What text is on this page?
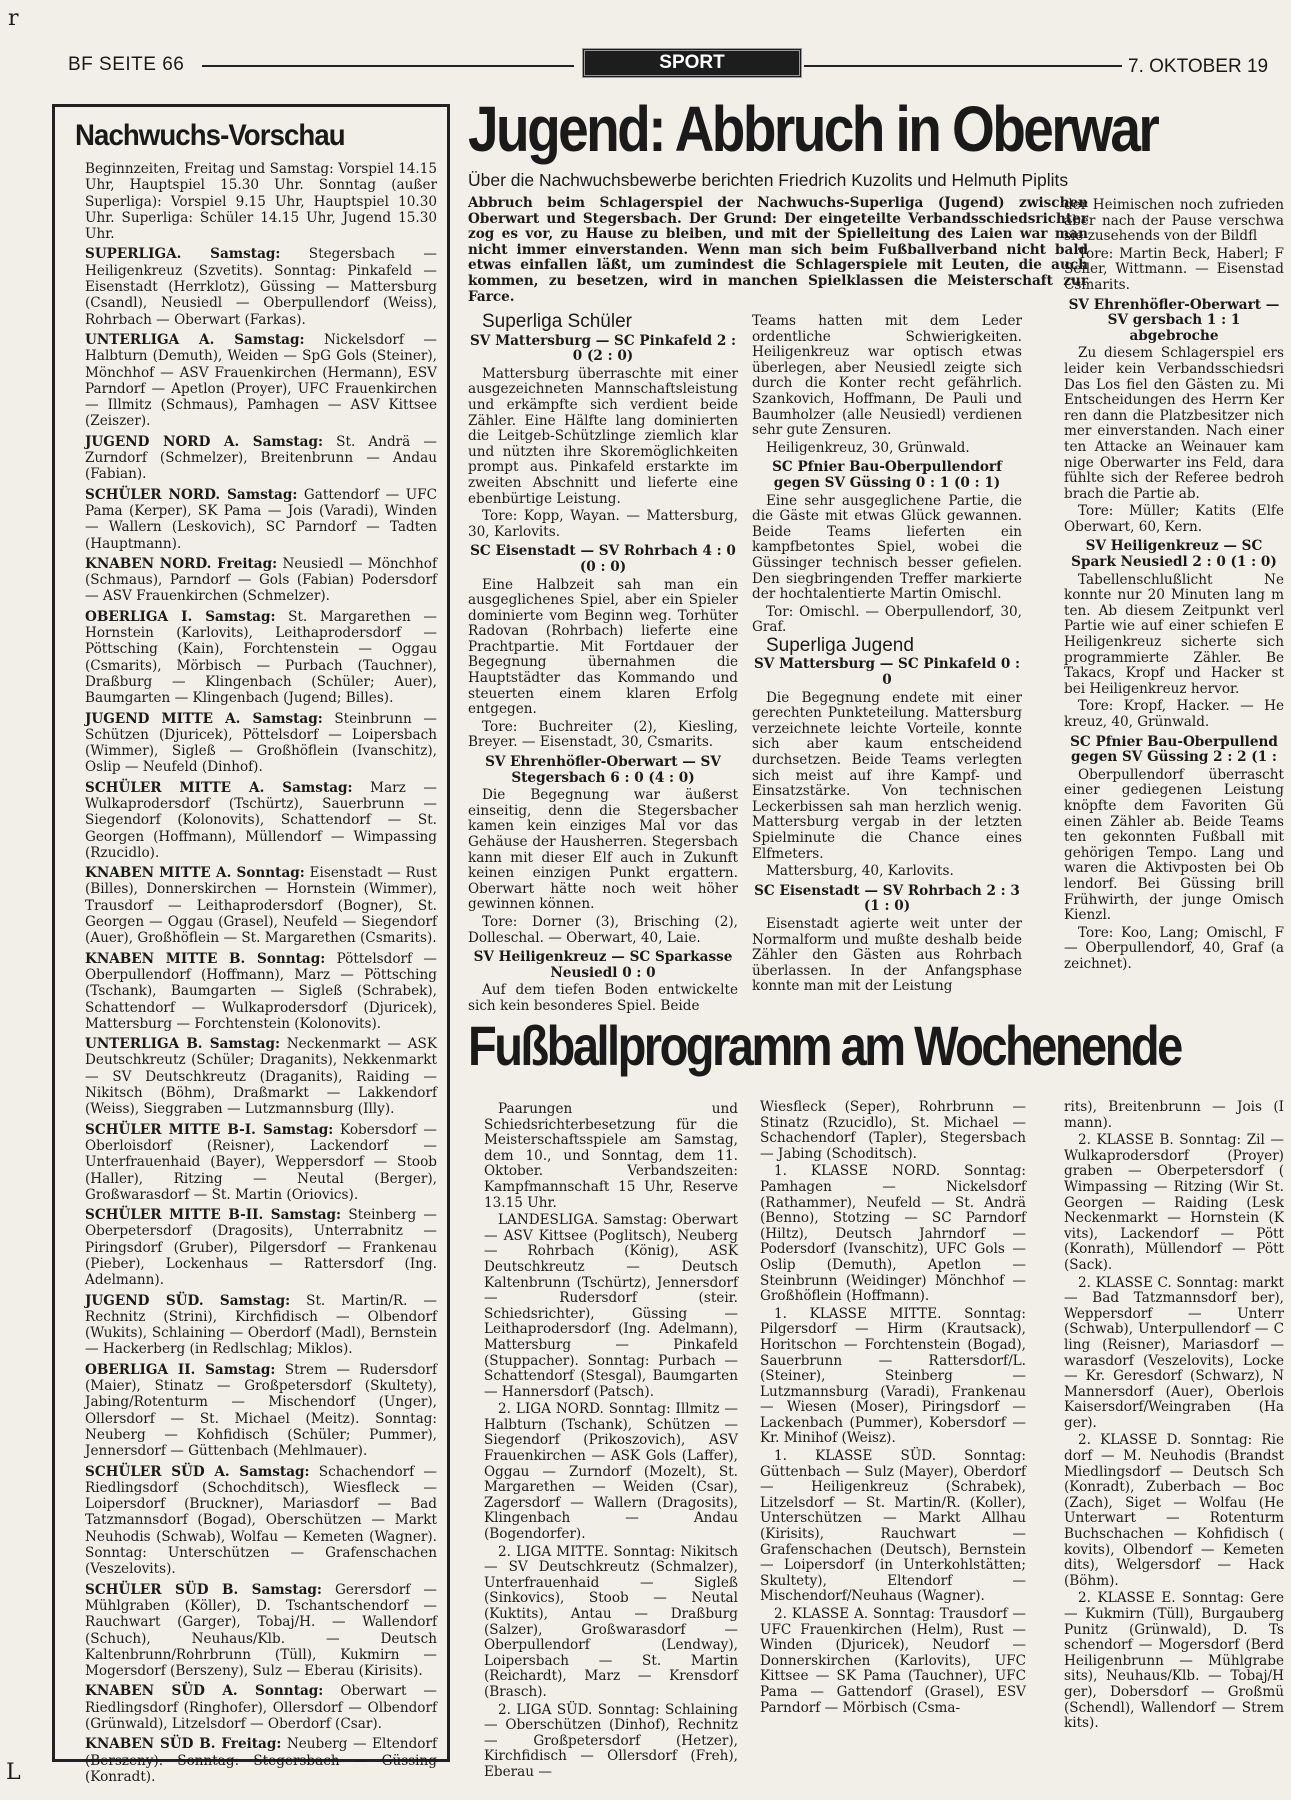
r
L
BF SEITE 66	SPORT	7. OKTOBER 19
Nachwuchs-Vorschau

Beginnzeiten, Freitag und Samstag: Vorspiel 14.15 Uhr, Hauptspiel 15.30 Uhr. Sonntag (außer Superliga): Vorspiel 9.15 Uhr, Hauptspiel 10.30 Uhr. Superliga: Schüler 14.15 Uhr, Jugend 15.30 Uhr.

SUPERLIGA. Samstag: Stegersbach — Heiligenkreuz (Szvetits). Sonntag: Pinkafeld — Eisenstadt (Herrklotz), Güssing — Mattersburg (Csandl), Neusiedl — Oberpullendorf (Weiss), Rohrbach — Oberwart (Farkas).

UNTERLIGA A. Samstag: Nickelsdorf — Halbturn (Demuth), Weiden — SpG Gols (Steiner), Mönchhof — ASV Frauenkirchen (Hermann), ESV Parndorf — Apetlon (Proyer), UFC Frauenkirchen — Illmitz (Schmaus), Pamhagen — ASV Kittsee (Zeiszer).

JUGEND NORD A. Samstag: St. Andrä — Zurndorf (Schmelzer), Breitenbrunn — Andau (Fabian).

SCHÜLER NORD. Samstag: Gattendorf — UFC Pama (Kerper), SK Pama — Jois (Varadi), Winden — Wallern (Leskovich), SC Parndorf — Tadten (Hauptmann).

KNABEN NORD. Freitag: Neusiedl — Mönchhof (Schmaus), Parndorf — Gols (Fabian) Podersdorf — ASV Frauenkirchen (Schmelzer).

OBERLIGA I. Samstag: St. Margarethen — Hornstein (Karlovits), Leithaprodersdorf — Pöttsching (Kain), Forchtenstein — Oggau (Csmarits), Mörbisch — Purbach (Tauchner), Draßburg — Klingenbach (Schüler; Auer), Baumgarten — Klingenbach (Jugend; Billes).

JUGEND MITTE A. Samstag: Steinbrunn — Schützen (Djuricek), Pöttelsdorf — Loipersbach (Wimmer), Sigleß — Großhöflein (Ivanschitz), Oslip — Neufeld (Dinhof).

SCHÜLER MITTE A. Samstag: Marz — Wulkaprodersdorf (Tschürtz), Sauerbrunn — Siegendorf (Kolonovits), Schattendorf — St. Georgen (Hoffmann), Müllendorf — Wimpassing (Rzucidlo).

KNABEN MITTE A. Sonntag: Eisenstadt — Rust (Billes), Donnerskirchen — Hornstein (Wimmer), Trausdorf — Leithaprodersdorf (Bogner), St. Georgen — Oggau (Grasel), Neufeld — Siegendorf (Auer), Großhöflein — St. Margarethen (Csmarits).

KNABEN MITTE B. Sonntag: Pöttelsdorf — Oberpullendorf (Hoffmann), Marz — Pöttsching (Tschank), Baumgarten — Sigleß (Schrabek), Schattendorf — Wulkaprodersdorf (Djuricek), Mattersburg — Forchtenstein (Kolonovits).

UNTERLIGA B. Samstag: Neckenmarkt — ASK Deutschkreutz (Schüler; Draganits), Nekkenmarkt — SV Deutschkreutz (Draganits), Raiding — Nikitsch (Böhm), Draßmarkt — Lakkendorf (Weiss), Sieggraben — Lutzmannsburg (Illy).

SCHÜLER MITTE B-I. Samstag: Kobersdorf — Oberloisdorf (Reisner), Lackendorf — Unterfrauenhaid (Bayer), Weppersdorf — Stoob (Haller), Ritzing — Neutal (Berger), Großwarasdorf — St. Martin (Oriovics).

SCHÜLER MITTE B-II. Samstag: Steinberg — Oberpetersdorf (Dragosits), Unterrabnitz — Piringsdorf (Gruber), Pilgersdorf — Frankenau (Pieber), Lockenhaus — Rattersdorf (Ing. Adelmann).

JUGEND SÜD. Samstag: St. Martin/R. — Rechnitz (Strini), Kirchfidisch — Olbendorf (Wukits), Schlaining — Oberdorf (Madl), Bernstein — Hackerberg (in Redlschlag; Miklos).

OBERLIGA II. Samstag: Strem — Rudersdorf (Maier), Stinatz — Großpetersdorf (Skultety), Jabing/Rotenturm — Mischendorf (Unger), Ollersdorf — St. Michael (Meitz). Sonntag: Neuberg — Kohfidisch (Schüler; Pummer), Jennersdorf — Güttenbach (Mehlmauer).

SCHÜLER SÜD A. Samstag: Schachendorf — Riedlingsdorf (Schochditsch), Wiesfleck — Loipersdorf (Bruckner), Mariasdorf — Bad Tatzmannsdorf (Bogad), Oberschützen — Markt Neuhodis (Schwab), Wolfau — Kemeten (Wagner). Sonntag: Unterschützen — Grafenschachen (Veszelovits).

SCHÜLER SÜD B. Samstag: Gerersdorf — Mühlgraben (Köller), D. Tschantschendorf — Rauchwart (Garger), Tobaj/H. — Wallendorf (Schuch), Neuhaus/Klb. — Deutsch Kaltenbrunn/Rohrbrunn (Tüll), Kukmirn — Mogersdorf (Berszeny), Sulz — Eberau (Kirisits).

KNABEN SÜD A. Sonntag: Oberwart — Riedlingsdorf (Ringhofer), Ollersdorf — Olbendorf (Grünwald), Litzelsdorf — Oberdorf (Csar).

KNABEN SÜD B. Freitag: Neuberg — Eltendorf (Berszeny). Sonntag: Stegersbach — Güssing (Konradt).

Jugend: Abbruch in Oberwar
Über die Nachwuchsbewerbe berichten Friedrich Kuzolits und Helmuth Piplits
Abbruch beim Schlagerspiel der Nachwuchs-Superliga (Jugend) zwischen Oberwart und Stegersbach. Der Grund: Der eingeteilte Verbandsschiedsrichter zog es vor, zu Hause zu bleiben, und mit der Spielleitung des Laien war man nicht immer einverstanden. Wenn man sich beim Fußballverband nicht bald etwas einfallen läßt, um zumindest die Schlagerspiele mit Leuten, die auch kommen, zu besetzen, wird in manchen Spielklassen die Meisterschaft zur Farce.

Superliga Schüler

SV Mattersburg — SC Pinkafeld 2 : 0 (2 : 0)

Mattersburg überraschte mit einer ausgezeichneten Mannschaftsleistung und erkämpfte sich verdient beide Zähler. Eine Hälfte lang dominierten die Leitgeb-Schützlinge ziemlich klar und nützten ihre Skoremöglichkeiten prompt aus. Pinkafeld erstarkte im zweiten Abschnitt und lieferte eine ebenbürtige Leistung.

Tore: Kopp, Wayan. — Mattersburg, 30, Karlovits.

SC Eisenstadt — SV Rohrbach 4 : 0 (0 : 0)

Eine Halbzeit sah man ein ausgeglichenes Spiel, aber ein Spieler dominierte vom Beginn weg. Torhüter Radovan (Rohrbach) lieferte eine Prachtpartie. Mit Fortdauer der Begegnung übernahmen die Hauptstädter das Kommando und steuerten einem klaren Erfolg entgegen.

Tore: Buchreiter (2), Kiesling, Breyer. — Eisenstadt, 30, Csmarits.

SV Ehrenhöfler-Oberwart — SV Stegersbach 6 : 0 (4 : 0)

Die Begegnung war äußerst einseitig, denn die Stegersbacher kamen kein einziges Mal vor das Gehäuse der Hausherren. Stegersbach kann mit dieser Elf auch in Zukunft keinen einzigen Punkt ergattern. Oberwart hätte noch weit höher gewinnen können.

Tore: Dorner (3), Brisching (2), Dolleschal. — Oberwart, 40, Laie.

SV Heiligenkreuz — SC Sparkasse Neusiedl 0 : 0

Auf dem tiefen Boden entwickelte sich kein besonderes Spiel. Beide

Teams hatten mit dem Leder ordentliche Schwierigkeiten. Heiligenkreuz war optisch etwas überlegen, aber Neusiedl zeigte sich durch die Konter recht gefährlich. Szankovich, Hoffmann, De Pauli und Baumholzer (alle Neusiedl) verdienen sehr gute Zensuren.

Heiligenkreuz, 30, Grünwald.

SC Pfnier Bau-Oberpullendorf gegen SV Güssing 0 : 1 (0 : 1)

Eine sehr ausgeglichene Partie, die die Gäste mit etwas Glück gewannen. Beide Teams lieferten ein kampfbetontes Spiel, wobei die Güssinger technisch besser gefielen. Den siegbringenden Treffer markierte der hochtalentierte Martin Omischl.

Tor: Omischl. — Oberpullendorf, 30, Graf.

Superliga Jugend

SV Mattersburg — SC Pinkafeld 0 : 0

Die Begegnung endete mit einer gerechten Punkteteilung. Mattersburg verzeichnete leichte Vorteile, konnte sich aber kaum entscheidend durchsetzen. Beide Teams verlegten sich meist auf ihre Kampf- und Einsatzstärke. Von technischen Leckerbissen sah man herzlich wenig. Mattersburg vergab in der letzten Spielminute die Chance eines Elfmeters.

Mattersburg, 40, Karlovits.

SC Eisenstadt — SV Rohrbach 2 : 3 (1 : 0)

Eisenstadt agierte weit unter der Normalform und mußte deshalb beide Zähler den Gästen aus Rohrbach überlassen. In der Anfangsphase konnte man mit der Leistung

der Heimischen noch zufrieden aber nach der Pause verschwa sie zusehends von der Bildfl

Tore: Martin Beck, Haberl; F Seiler, Wittmann. — Eisenstad Csmarits.

SV Ehrenhöfler-Oberwart — SV gersbach 1 : 1 abgebroche

Zu diesem Schlagerspiel ers leider kein Verbandsschiedsri Das Los fiel den Gästen zu. Mi Entscheidungen des Herrn Ker ren dann die Platzbesitzer nich mer einverstanden. Nach einer ten Attacke an Weinauer kam nige Oberwarter ins Feld, dara fühlte sich der Referee bedroh brach die Partie ab.

Tore: Müller; Katits (Elfe Oberwart, 60, Kern.

SV Heiligenkreuz — SC Spark Neusiedl 2 : 0 (1 : 0)

Tabellenschlußlicht Ne konnte nur 20 Minuten lang m ten. Ab diesem Zeitpunkt verl Partie wie auf einer schiefen E Heiligenkreuz sicherte sich programmierte Zähler. Be Takacs, Kropf und Hacker st bei Heiligenkreuz hervor.

Tore: Kropf, Hacker. — He kreuz, 40, Grünwald.

SC Pfnier Bau-Oberpullend gegen SV Güssing 2 : 2 (1 :

Oberpullendorf überrascht einer gediegenen Leistung knöpfte dem Favoriten Gü einen Zähler ab. Beide Teams ten gekonnten Fußball mit gehörigen Tempo. Lang und waren die Aktivposten bei Ob lendorf. Bei Güssing brill Frühwirth, der junge Omisch Kienzl.

Tore: Koo, Lang; Omischl, F — Oberpullendorf, 40, Graf (a zeichnet).

Fußballprogramm am Wochenende

Paarungen und Schiedsrichterbesetzung für die Meisterschaftsspiele am Samstag, dem 10., und Sonntag, dem 11. Oktober. Verbandszeiten: Kampfmannschaft 15 Uhr, Reserve 13.15 Uhr.

LANDESLIGA. Samstag: Oberwart — ASV Kittsee (Poglitsch), Neuberg — Rohrbach (König), ASK Deutschkreutz — Deutsch Kaltenbrunn (Tschürtz), Jennersdorf — Rudersdorf (steir. Schiedsrichter), Güssing — Leithaprodersdorf (Ing. Adelmann), Mattersburg — Pinkafeld (Stuppacher). Sonntag: Purbach — Schattendorf (Stesgal), Baumgarten — Hannersdorf (Patsch).

2. LIGA NORD. Sonntag: Illmitz — Halbturn (Tschank), Schützen — Siegendorf (Prikoszovich), ASV Frauenkirchen — ASK Gols (Laffer), Oggau — Zurndorf (Mozelt), St. Margarethen — Weiden (Csar), Zagersdorf — Wallern (Dragosits), Klingenbach — Andau (Bogendorfer).

2. LIGA MITTE. Sonntag: Nikitsch — SV Deutschkreutz (Schmalzer), Unterfrauenhaid — Sigleß (Sinkovics), Stoob — Neutal (Kuktits), Antau — Draßburg (Salzer), Großwarasdorf — Oberpullendorf (Lendway), Loipersbach — St. Martin (Reichardt), Marz — Krensdorf (Brasch).

2. LIGA SÜD. Sonntag: Schlaining — Oberschützen (Dinhof), Rechnitz — Großpetersdorf (Hetzer), Kirchfidisch — Ollersdorf (Freh), Eberau —

Wiesfleck (Seper), Rohrbrunn — Stinatz (Rzucidlo), St. Michael — Schachendorf (Tapler), Stegersbach — Jabing (Schoditsch).

1. KLASSE NORD. Sonntag: Pamhagen — Nickelsdorf (Rathammer), Neufeld — St. Andrä (Benno), Stotzing — SC Parndorf (Hiltz), Deutsch Jahrndorf — Podersdorf (Ivanschitz), UFC Gols — Oslip (Demuth), Apetlon — Steinbrunn (Weidinger) Mönchhof — Großhöflein (Hoffmann).

1. KLASSE MITTE. Sonntag: Pilgersdorf — Hirm (Krautsack), Horitschon — Forchtenstein (Bogad), Sauerbrunn — Rattersdorf/L. (Steiner), Steinberg — Lutzmannsburg (Varadi), Frankenau — Wiesen (Moser), Piringsdorf — Lackenbach (Pummer), Kobersdorf — Kr. Minihof (Weisz).

1. KLASSE SÜD. Sonntag: Güttenbach — Sulz (Mayer), Oberdorf — Heiligenkreuz (Schrabek), Litzelsdorf — St. Martin/R. (Koller), Unterschützen — Markt Allhau (Kirisits), Rauchwart — Grafenschachen (Deutsch), Bernstein — Loipersdorf (in Unterkohlstätten; Skultety), Eltendorf — Mischendorf/Neuhaus (Wagner).

2. KLASSE A. Sonntag: Trausdorf — UFC Frauenkirchen (Helm), Rust — Winden (Djuricek), Neudorf — Donnerskirchen (Karlovits), UFC Kittsee — SK Pama (Tauchner), UFC Pama — Gattendorf (Grasel), ESV Parndorf — Mörbisch (Csma-

rits), Breitenbrunn — Jois (I mann).

2. KLASSE B. Sonntag: Zil — Wulkaprodersdorf (Proyer) graben — Oberpetersdorf ( Wimpassing — Ritzing (Wir St. Georgen — Raiding (Lesk Neckenmarkt — Hornstein (K vits), Lackendorf — Pött (Konrath), Müllendorf — Pött (Sack).

2. KLASSE C. Sonntag: markt — Bad Tatzmannsdorf ber), Weppersdorf — Unterr (Schwab), Unterpullendorf — C ling (Reisner), Mariasdorf — warasdorf (Veszelovits), Locke — Kr. Geresdorf (Schwarz), N Mannersdorf (Auer), Oberlois Kaisersdorf/Weingraben (Ha ger).

2. KLASSE D. Sonntag: Rie dorf — M. Neuhodis (Brandst Miedlingsdorf — Deutsch Sch (Konradt), Zuberbach — Boc (Zach), Siget — Wolfau (He Unterwart — Rotenturm Buchschachen — Kohfidisch ( kovits), Olbendorf — Kemeten dits), Welgersdorf — Hack (Böhm).

2. KLASSE E. Sonntag: Gere — Kukmirn (Tüll), Burgauberg Punitz (Grünwald), D. Ts schendorf — Mogersdorf (Berd Heiligenbrunn — Mühlgrabe sits), Neuhaus/Klb. — Tobaj/H ger), Dobersdorf — Großmü (Schendl), Wallendorf — Strem kits).
